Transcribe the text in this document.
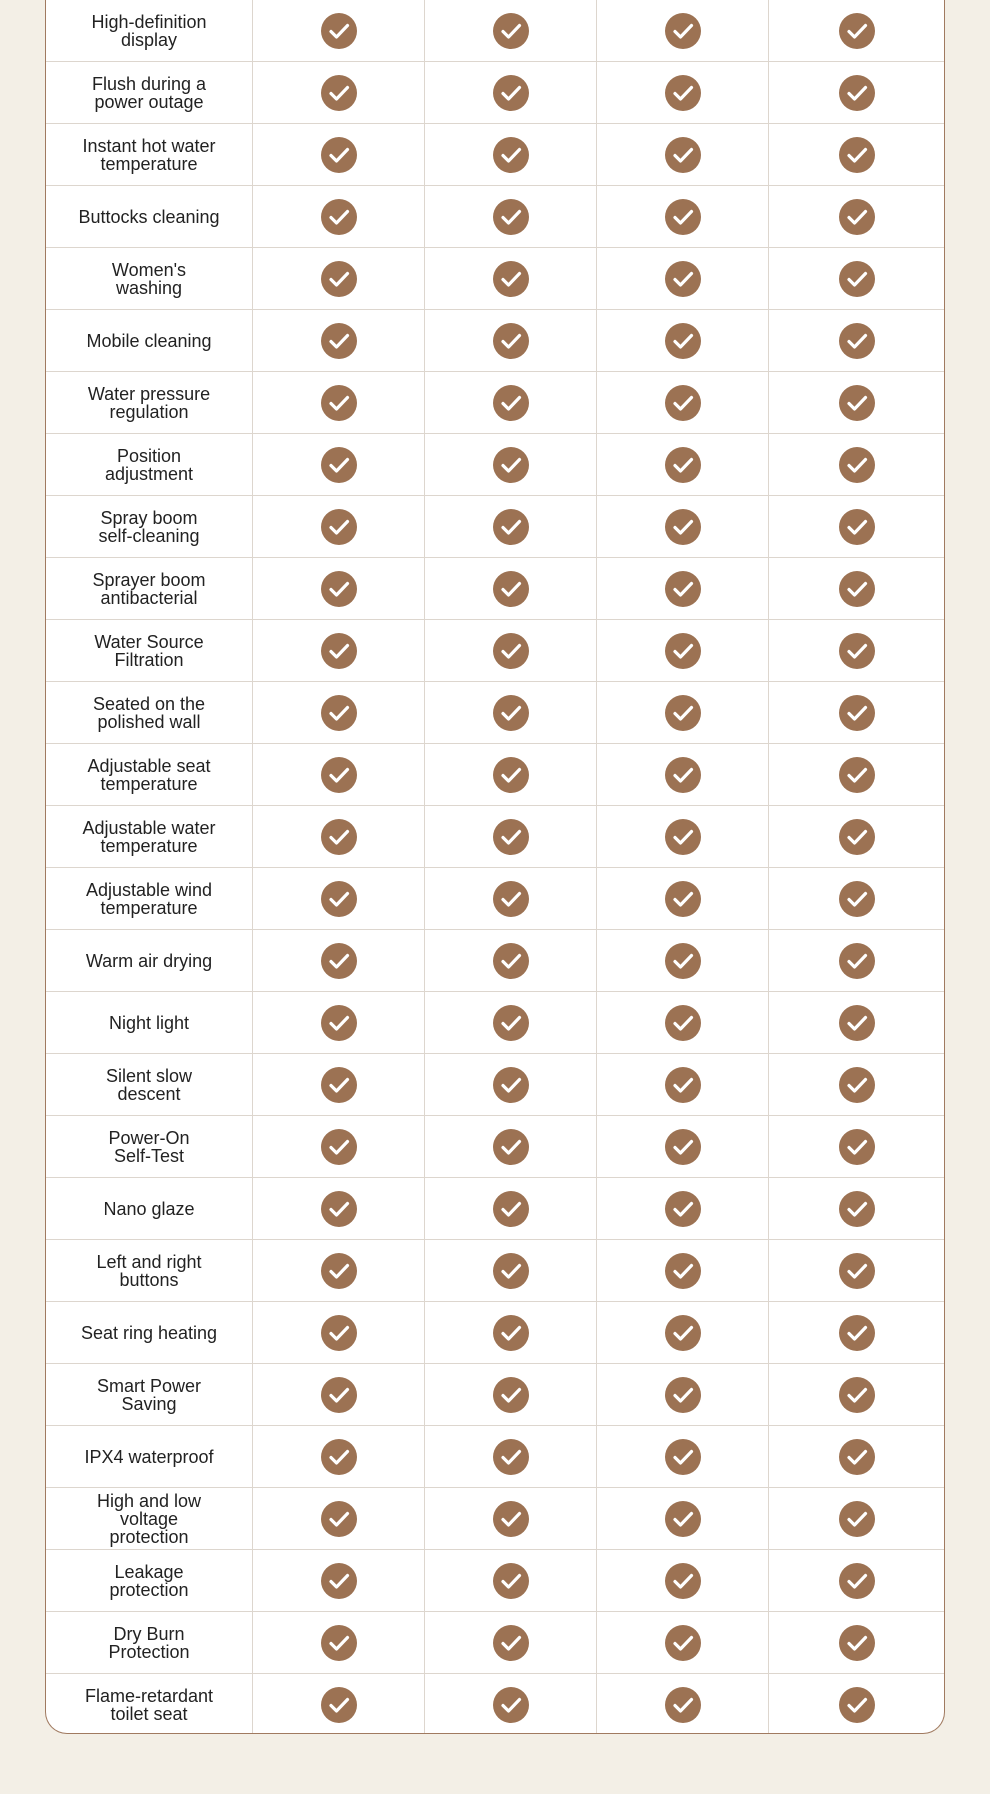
High-definition
display
Flush during a
power outage
Instant hot water
temperature
Buttocks cleaning
Women's
washing
Mobile cleaning
Water pressure
regulation
Position
adjustment
Spray boom
self-cleaning
Sprayer boom
antibacterial
Water Source
Filtration
Seated on the
polished wall
Adjustable seat
temperature
Adjustable water
temperature
Adjustable wind
temperature
Warm air drying
Night light
Silent slow
descent
Power-On
Self-Test
Nano glaze
Left and right
buttons
Seat ring heating
Smart Power
Saving
IPX4 waterproof
High and low
voltage
protection
Leakage
protection
Dry Burn
Protection
Flame-retardant
toilet seat
